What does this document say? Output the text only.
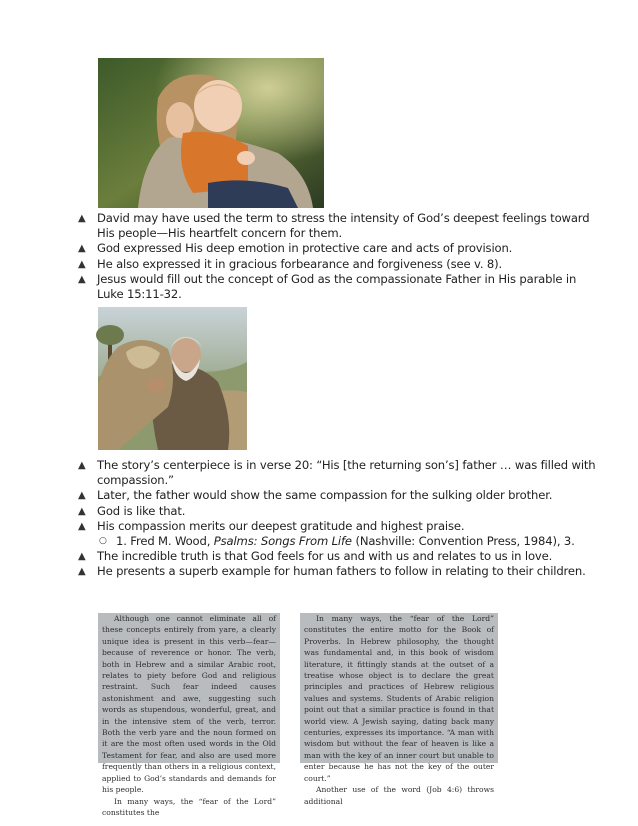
▲ David may have used the term to stress the intensity of God’s deepest feelings toward His people—His heartfelt concern for them.
▲ God expressed His deep emotion in protective care and acts of provision.
▲ He also expressed it in gracious forbearance and forgiveness (see v. 8).
▲ Jesus would fill out the concept of God as the compassionate Father in His parable in Luke 15:11-32.
▲ The story’s centerpiece is in verse 20: “His [the returning son’s] father … was filled with compassion.”
▲ Later, the father would show the same compassion for the sulking older brother.
▲ God is like that.
▲ His compassion merits our deepest gratitude and highest praise.
○ 1. Fred M. Wood, Psalms: Songs From Life (Nashville: Convention Press, 1984), 3.
▲ The incredible truth is that God feels for us and with us and relates to us in love.
▲ He presents a superb example for human fathers to follow in relating to their children.

Although one cannot eliminate all of these concepts entirely from yare, a clearly unique idea is present in this verb—fear—because of reverence or honor. The verb, both in Hebrew and a similar Arabic root, relates to piety before God and religious restraint. Such fear indeed causes astonishment and awe, suggesting such words as stupendous, wonderful, great, and in the intensive stem of the verb, terror. Both the verb yare and the noun formed on it are the most often used words in the Old Testament for fear, and also are used more frequently than others in a religious context, applied to God’s standards and demands for his people.

In many ways, the “fear of the Lord” constitutes the

In many ways, the “fear of the Lord” constitutes the entire motto for the Book of Proverbs. In Hebrew philosophy, the thought was fundamental and, in this book of wisdom literature, it fittingly stands at the outset of a treatise whose object is to declare the great principles and practices of Hebrew religious values and systems. Students of Arabic religion point out that a similar practice is found in that world view. A Jewish saying, dating back many centuries, expresses its importance. “A man with wisdom but without the fear of heaven is like a man with the key of an inner court but unable to enter because he has not the key of the outer court.”

Another use of the word (Job 4:6) throws additional
